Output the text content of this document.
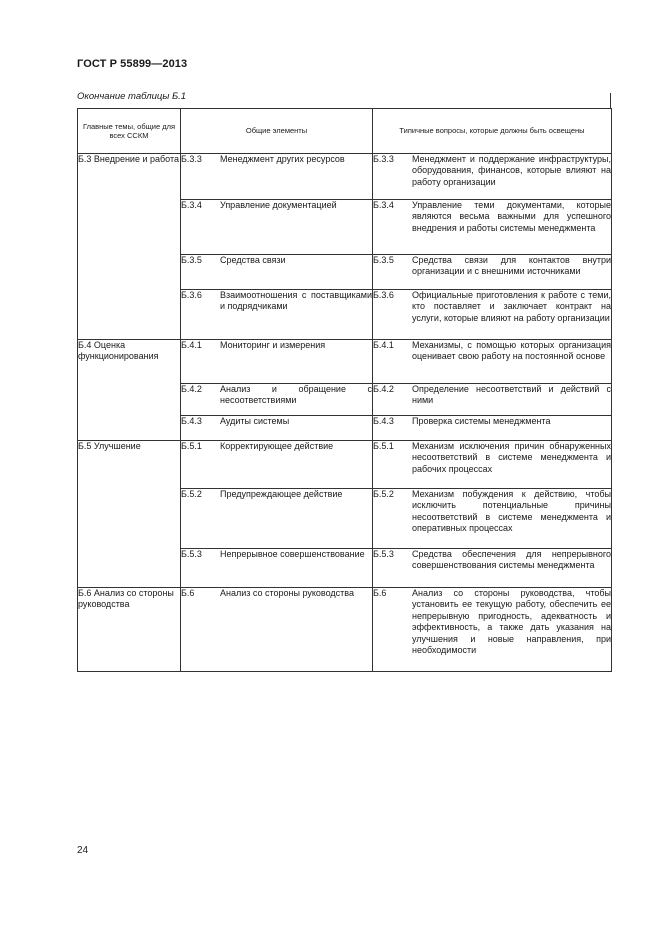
ГОСТ Р 55899—2013
Окончание таблицы Б.1
Главные темы, общие для всех ССКМ	Общие элементы	Типичные вопросы, которые должны быть освещены
Б.3 Внедрение и работа	Б.3.3 Менеджмент других ресурсов	Б.3.3 Менеджмент и поддержание инфраструктуры, оборудования, финансов, которые влияют на работу организации

	Б.3.4 Управление документацией	Б.3.4 Управление теми документами, которые являются весьма важными для успешного внедрения и работы системы менеджмента

	Б.3.5 Средства связи	Б.3.5 Средства связи для контактов внутри организации и с внешними источниками

	Б.3.6 Взаимоотношения с поставщиками и подрядчиками	Б.3.6 Официальные приготовления к работе с теми, кто поставляет и заключает контракт на услуги, которые влияют на работу организации

Б.4 Оценка функционирования	Б.4.1 Мониторинг и измерения	Б.4.1 Механизмы, с помощью которых организация оценивает свою работу на постоянной основе

	Б.4.2 Анализ и обращение с несоответствиями	Б.4.2 Определение несоответствий и действий с ними

	Б.4.3 Аудиты системы	Б.4.3 Проверка системы менеджмента

Б.5 Улучшение	Б.5.1 Корректирующее действие	Б.5.1 Механизм исключения причин обнаруженных несоответствий в системе менеджмента и рабочих процессах

	Б.5.2 Предупреждающее действие	Б.5.2 Механизм побуждения к действию, чтобы исключить потенциальные причины несоответствий в системе менеджмента и оперативных процессах

	Б.5.3 Непрерывное совершенствование	Б.5.3 Средства обеспечения для непрерывного совершенствования системы менеджмента

Б.6 Анализ со стороны руководства	Б.6 Анализ со стороны руководства	Б.6 Анализ со стороны руководства, чтобы установить ее текущую работу, обеспечить ее непрерывную пригодность, адекватность и эффективность, а также дать указания на улучшения и новые направления, при необходимости
24
